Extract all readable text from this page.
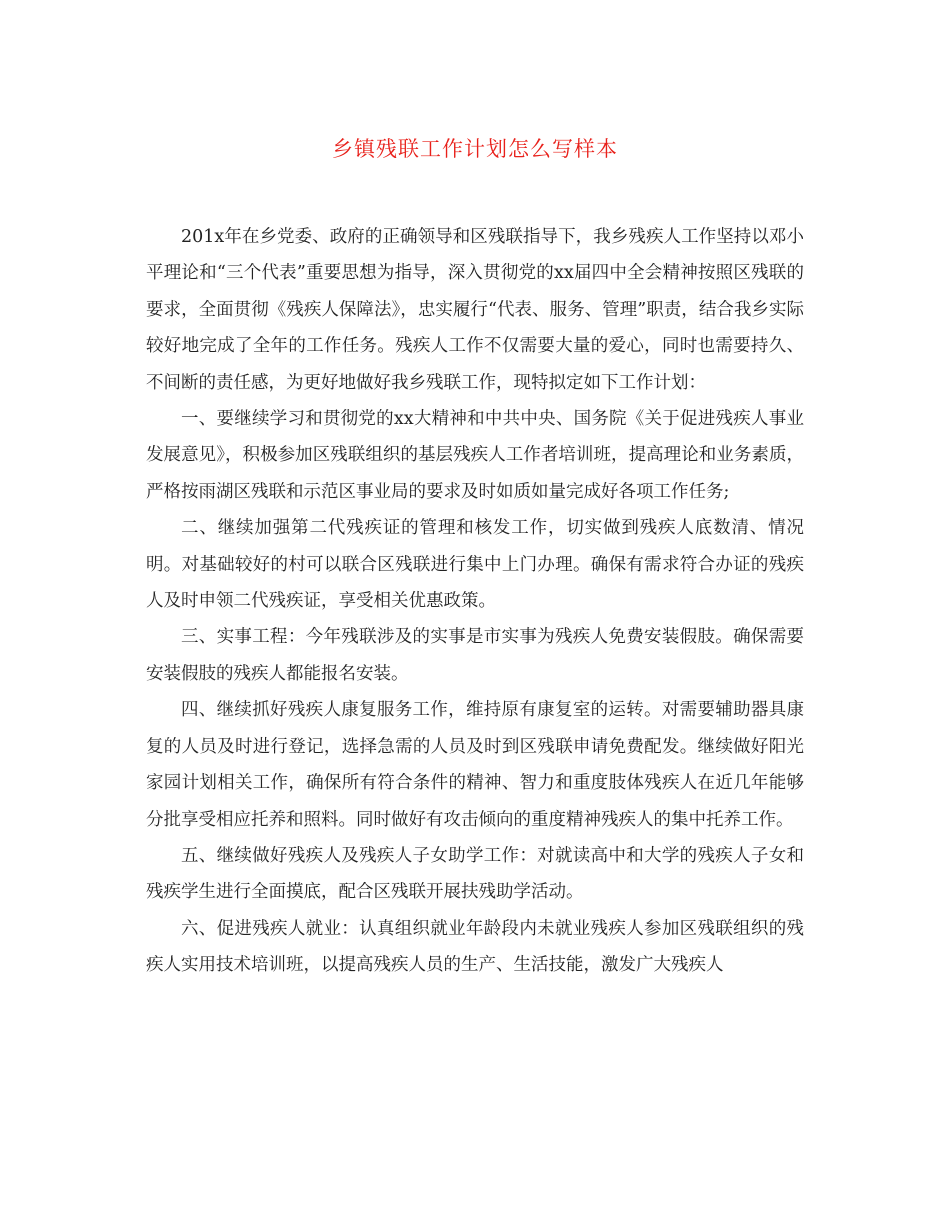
乡镇残联工作计划怎么写样本

201x年在乡党委、政府的正确领导和区残联指导下，我乡残疾人工作坚持以邓小平理论和“三个代表”重要思想为指导，深入贯彻党的xx届四中全会精神按照区残联的要求，全面贯彻《残疾人保障法》，忠实履行“代表、服务、管理”职责，结合我乡实际较好地完成了全年的工作任务。残疾人工作不仅需要大量的爱心，同时也需要持久、不间断的责任感，为更好地做好我乡残联工作，现特拟定如下工作计划：

一、要继续学习和贯彻党的xx大精神和中共中央、国务院《关于促进残疾人事业发展意见》，积极参加区残联组织的基层残疾人工作者培训班，提高理论和业务素质，严格按雨湖区残联和示范区事业局的要求及时如质如量完成好各项工作任务;

二、继续加强第二代残疾证的管理和核发工作，切实做到残疾人底数清、情况明。对基础较好的村可以联合区残联进行集中上门办理。确保有需求符合办证的残疾人及时申领二代残疾证，享受相关优惠政策。

三、实事工程：今年残联涉及的实事是市实事为残疾人免费安装假肢。确保需要安装假肢的残疾人都能报名安装。

四、继续抓好残疾人康复服务工作，维持原有康复室的运转。对需要辅助器具康复的人员及时进行登记，选择急需的人员及时到区残联申请免费配发。继续做好阳光家园计划相关工作，确保所有符合条件的精神、智力和重度肢体残疾人在近几年能够分批享受相应托养和照料。同时做好有攻击倾向的重度精神残疾人的集中托养工作。

五、继续做好残疾人及残疾人子女助学工作：对就读高中和大学的残疾人子女和残疾学生进行全面摸底，配合区残联开展扶残助学活动。

六、促进残疾人就业：认真组织就业年龄段内未就业残疾人参加区残联组织的残疾人实用技术培训班，以提高残疾人员的生产、生活技能，激发广大残疾人
